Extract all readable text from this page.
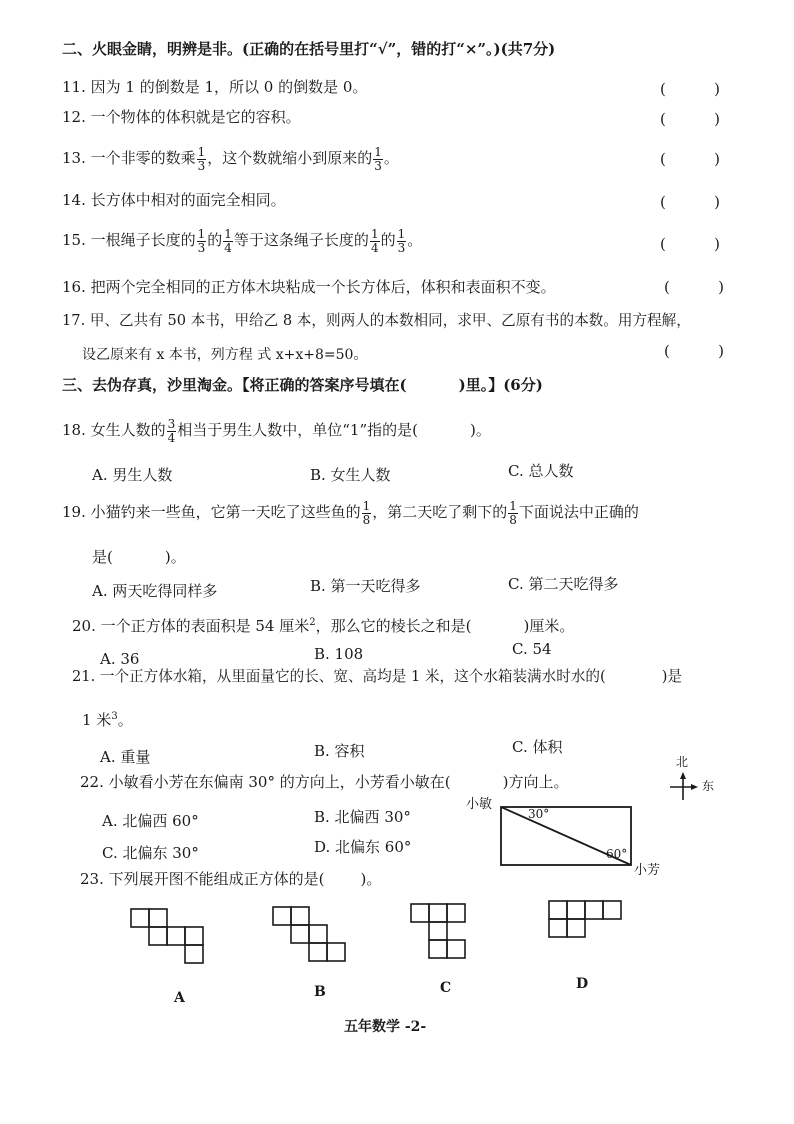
二、火眼金睛，明辨是非。(正确的在括号里打“√”，错的打“×”。)(共7分)
11. 因为 1 的倒数是 1，所以 0 的倒数是 0。	(	)
12. 一个物体的体积就是它的容积。	(	)
13. 一个非零的数乘 $\frac{1}{3}$ ，这个数就缩小到原来的 $\frac{1}{3}$ 。	(	)
14. 长方体中相对的面完全相同。	(	)
15. 一根绳子长度的 $\frac{1}{3}$ 的 $\frac{1}{4}$ 等于这条绳子长度的 $\frac{1}{4}$ 的 $\frac{1}{3}$ 。	(	)
16. 把两个完全相同的正方体木块粘成一个长方体后，体积和表面积不变。	(	)
17. 甲、乙共有 50 本书，甲给乙 8 本，则两人的本数相同，求甲、乙原有书的本数。用方程解，
设乙原来有 x 本书，列方程 式 x+x+8=50。	(	)
三、去伪存真，沙里淘金。【将正确的答案序号填在(	)里。】(6分)
18. 女生人数的 $\frac{3}{4}$ 相当于男生人数中，单位“1”指的是(	)。
A. 男生人数	B. 女生人数	C. 总人数
19. 小猫钓来一些鱼，它第一天吃了这些鱼的 $\frac{1}{8}$ ，第二天吃了剩下的 $\frac{1}{8}$ 下面说法中正确的
是(	)。
A. 两天吃得同样多	B. 第一天吃得多	C. 第二天吃得多
20. 一个正方体的表面积是 54 厘米$^2$，那么它的棱长之和是(	)厘米。
A. 36	B. 108	C. 54
21. 一个正方体水箱，从里面量它的长、宽、高均是 1 米，这个水箱装满水时水的(	)是
1 米$^3$。
A. 重量	B. 容积	C. 体积
22. 小敏看小芳在东偏南 30° 的方向上，小芳看小敏在(	)方向上。
A. 北偏西 60°	B. 北偏西 30°
C. 北偏东 30°	D. 北偏东 60°
北
东
小敏
30°
60°
小芳
23. 下列展开图不能组成正方体的是( )。
A	B	C	D
五年数学 -2-
